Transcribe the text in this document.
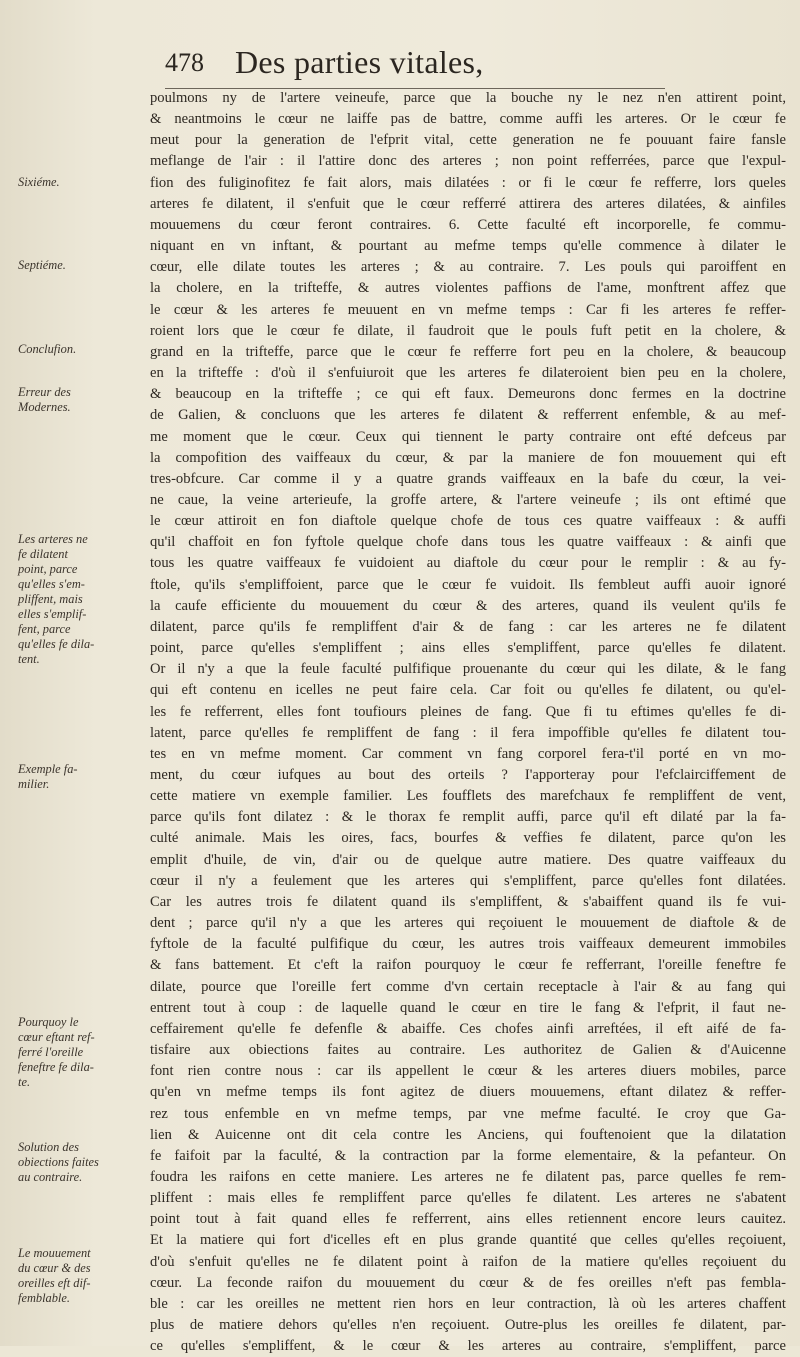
478 Des parties vitales,
poulmons ny de l'artere veineufe, parce que la bouche ny le nez n'en attirent point,
& neantmoins le cœur ne laiffe pas de battre, comme auffi les arteres. Or le cœur fe
meut pour la generation de l'efprit vital, cette generation ne fe pouuant faire fansle
meflange de l'air : il l'attire donc des arteres ; non point refferrées, parce que l'expul-
fion des fuliginofitez fe fait alors, mais dilatées : or fi le cœur fe refferre, lors queles
arteres fe dilatent, il s'enfuit que le cœur refferré attirera des arteres dilatées, & ainfiles
mouuemens du cœur feront contraires. 6. Cette faculté eft incorporelle, fe commu-
niquant en vn inftant, & pourtant au mefme temps qu'elle commence à dilater le
cœur, elle dilate toutes les arteres ; & au contraire. 7. Les pouls qui paroiffent en
la cholere, en la trifteffe, & autres violentes paffions de l'ame, monftrent affez que
le cœur & les arteres fe meuuent en vn mefme temps : Car fi les arteres fe reffer-
roient lors que le cœur fe dilate, il faudroit que le pouls fuft petit en la cholere, &
grand en la trifteffe, parce que le cœur fe refferre fort peu en la cholere, & beaucoup
en la trifteffe : d'où il s'enfuiuroit que les arteres fe dilateroient bien peu en la cholere,
& beaucoup en la trifteffe ; ce qui eft faux. Demeurons donc fermes en la doctrine
de Galien, & concluons que les arteres fe dilatent & refferrent enfemble, & au mef-
me moment que le cœur. Ceux qui tiennent le party contraire ont efté defceus par
la compofition des vaiffeaux du cœur, & par la maniere de fon mouuement qui eft
tres-obfcure. Car comme il y a quatre grands vaiffeaux en la bafe du cœur, la vei-
ne caue, la veine arterieufe, la groffe artere, & l'artere veineufe ; ils ont eftimé que
le cœur attiroit en fon diaftole quelque chofe de tous ces quatre vaiffeaux : & auffi
qu'il chaffoit en fon fyftole quelque chofe dans tous les quatre vaiffeaux : & ainfi que
tous les quatre vaiffeaux fe vuidoient au diaftole du cœur pour le remplir : & au fy-
ftole, qu'ils s'empliffoient, parce que le cœur fe vuidoit. Ils fembleut auffi auoir ignoré
la caufe efficiente du mouuement du cœur & des arteres, quand ils veulent qu'ils fe
dilatent, parce qu'ils fe rempliffent d'air & de fang : car les arteres ne fe dilatent
point, parce qu'elles s'empliffent ; ains elles s'empliffent, parce qu'elles fe dilatent.
Or il n'y a que la feule faculté pulfifique prouenante du cœur qui les dilate, & le fang
qui eft contenu en icelles ne peut faire cela. Car foit ou qu'elles fe dilatent, ou qu'el-
les fe refferrent, elles font toufiours pleines de fang. Que fi tu eftimes qu'elles fe di-
latent, parce qu'elles fe rempliffent de fang : il fera impoffible qu'elles fe dilatent tou-
tes en vn mefme moment. Car comment vn fang corporel fera-t'il porté en vn mo-
ment, du cœur iufques au bout des orteils ? I'apporteray pour l'efclairciffement de
cette matiere vn exemple familier. Les foufflets des marefchaux fe rempliffent de vent,
parce qu'ils font dilatez : & le thorax fe remplit auffi, parce qu'il eft dilaté par la fa-
culté animale. Mais les oires, facs, bourfes & veffies fe dilatent, parce qu'on les
emplit d'huile, de vin, d'air ou de quelque autre matiere. Des quatre vaiffeaux du
cœur il n'y a feulement que les arteres qui s'empliffent, parce qu'elles font dilatées.
Car les autres trois fe dilatent quand ils s'empliffent, & s'abaiffent quand ils fe vui-
dent ; parce qu'il n'y a que les arteres qui reçoiuent le mouuement de diaftole & de
fyftole de la faculté pulfifique du cœur, les autres trois vaiffeaux demeurent immobiles
& fans battement. Et c'eft la raifon pourquoy le cœur fe refferrant, l'oreille feneftre fe
dilate, pource que l'oreille fert comme d'vn certain receptacle à l'air & au fang qui
entrent tout à coup : de laquelle quand le cœur en tire le fang & l'efprit, il faut ne-
ceffairement qu'elle fe defenfle & abaiffe. Ces chofes ainfi arreftées, il eft aifé de fa-
tisfaire aux obiections faites au contraire. Les authoritez de Galien & d'Auicenne
font rien contre nous : car ils appellent le cœur & les arteres diuers mobiles, parce
qu'en vn mefme temps ils font agitez de diuers mouuemens, eftant dilatez & reffer-
rez tous enfemble en vn mefme temps, par vne mefme faculté. Ie croy que Ga-
lien & Auicenne ont dit cela contre les Anciens, qui fouftenoient que la dilatation
fe faifoit par la faculté, & la contraction par la forme elementaire, & la pefanteur. On
foudra les raifons en cette maniere. Les arteres ne fe dilatent pas, parce quelles fe rem-
pliffent : mais elles fe rempliffent parce qu'elles fe dilatent. Les arteres ne s'abatent
point tout à fait quand elles fe refferrent, ains elles retiennent encore leurs cauitez.
Et la matiere qui fort d'icelles eft en plus grande quantité que celles qu'elles reçoiuent,
d'où s'enfuit qu'elles ne fe dilatent point à raifon de la matiere qu'elles reçoiuent du
cœur. La feconde raifon du mouuement du cœur & de fes oreilles n'eft pas fembla-
ble : car les oreilles ne mettent rien hors en leur contraction, là où les arteres chaffent
plus de matiere dehors qu'elles n'en reçoiuent. Outre-plus les oreilles fe dilatent, par-
ce qu'elles s'empliffent, & le cœur & les arteres au contraire, s'empliffent, parce
Sixiéme.
Septiéme.
Conclufion.
Erreur des
Modernes.
Les arteres ne
fe dilatent
point, parce
qu'elles s'em-
pliffent, mais
elles s'emplif-
fent, parce
qu'elles fe dila-
tent.
Exemple fa-
milier.
Pourquoy le
cœur eftant ref-
ferré l'oreille
feneftre fe dila-
te.
Solution des
obiections faites
au contraire.
Le mouuement
du cœur & des
oreilles eft dif-
femblable.
